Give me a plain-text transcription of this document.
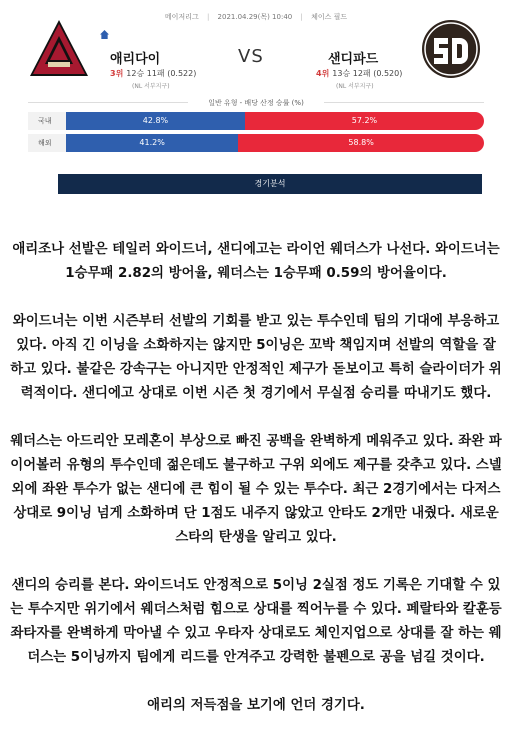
메이저리그 | 2021.04.29(목) 10:40 | 체이스 필드
애리다이	VS	샌디파드
3위 12승 11패 (0.522)
(NL 서부지구)
4위 13승 12패 (0.520)
(NL 서부지구)
일반 유형 - 배당 산정 승률 (%)
국내	42.8%	57.2%
해외	41.2%	58.8%
경기분석

애리조나 선발은 테일러 와이드너, 샌디에고는 라이언 웨더스가 나선다. 와이드너는 1승무패 2.82의 방어율, 웨더스는 1승무패 0.59의 방어율이다.

와이드너는 이번 시즌부터 선발의 기회를 받고 있는 투수인데 팀의 기대에 부응하고 있다. 아직 긴 이닝을 소화하지는 않지만 5이닝은 꼬박 책임지며 선발의 역할을 잘하고 있다. 불같은 강속구는 아니지만 안정적인 제구가 돋보이고 특히 슬라이더가 위력적이다. 샌디에고 상대로 이번 시즌 첫 경기에서 무실점 승리를 따내기도 했다.

웨더스는 아드리안 모레혼이 부상으로 빠진 공백을 완벽하게 메워주고 있다. 좌완 파이어볼러 유형의 투수인데 젊은데도 불구하고 구위 외에도 제구를 갖추고 있다. 스넬 외에 좌완 투수가 없는 샌디에 큰 힘이 될 수 있는 투수다. 최근 2경기에서는 다저스 상대로 9이닝 넘게 소화하며 단 1점도 내주지 않았고 안타도 2개만 내줬다. 새로운 스타의 탄생을 알리고 있다.

샌디의 승리를 본다. 와이드너도 안정적으로 5이닝 2실점 정도 기록은 기대할 수 있는 투수지만 위기에서 웨더스처럼 힘으로 상대를 찍어누를 수 있다. 페랄타와 칼훈등 좌타자를 완벽하게 막아낼 수 있고 우타자 상대로도 체인지업으로 상대를 잘 하는 웨더스는 5이닝까지 팀에게 리드를 안겨주고 강력한 불펜으로 공을 넘길 것이다.

애리의 저득점을 보기에 언더 경기다.
